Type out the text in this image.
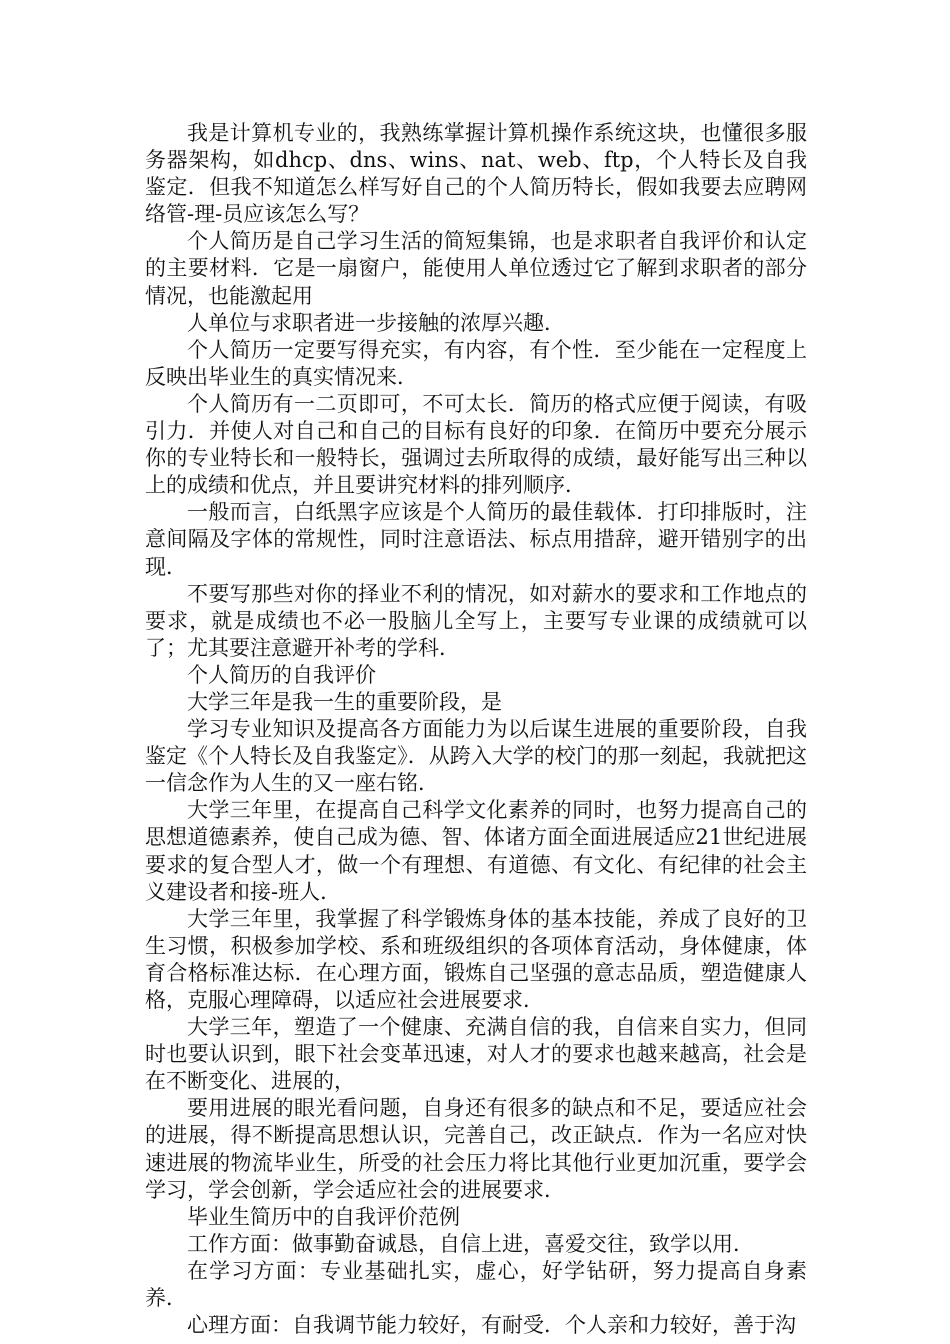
我是计算机专业的，我熟练掌握计算机操作系统这块，也懂很多服务器架构，如dhcp、dns、wins、nat、web、ftp，个人特长及自我鉴定．但我不知道怎么样写好自己的个人简历特长，假如我要去应聘网络管-理-员应该怎么写？

个人简历是自己学习生活的简短集锦，也是求职者自我评价和认定的主要材料．它是一扇窗户，能使用人单位透过它了解到求职者的部分情况，也能激起用

人单位与求职者进一步接触的浓厚兴趣．

个人简历一定要写得充实，有内容，有个性．至少能在一定程度上反映出毕业生的真实情况来．

个人简历有一二页即可，不可太长．简历的格式应便于阅读，有吸引力．并使人对自己和自己的目标有良好的印象．在简历中要充分展示你的专业特长和一般特长，强调过去所取得的成绩，最好能写出三种以上的成绩和优点，并且要讲究材料的排列顺序．

一般而言，白纸黑字应该是个人简历的最佳载体．打印排版时，注意间隔及字体的常规性，同时注意语法、标点用措辞，避开错别字的出现．

不要写那些对你的择业不利的情况，如对薪水的要求和工作地点的要求，就是成绩也不必一股脑儿全写上，主要写专业课的成绩就可以了；尤其要注意避开补考的学科．

个人简历的自我评价

大学三年是我一生的重要阶段，是

学习专业知识及提高各方面能力为以后谋生进展的重要阶段，自我鉴定《个人特长及自我鉴定》．从跨入大学的校门的那一刻起，我就把这一信念作为人生的又一座右铭．

大学三年里，在提高自己科学文化素养的同时，也努力提高自己的思想道德素养，使自己成为德、智、体诸方面全面进展适应21世纪进展要求的复合型人才，做一个有理想、有道德、有文化、有纪律的社会主义建设者和接-班人．

大学三年里，我掌握了科学锻炼身体的基本技能，养成了良好的卫生习惯，积极参加学校、系和班级组织的各项体育活动，身体健康，体育合格标准达标．在心理方面，锻炼自己坚强的意志品质，塑造健康人格，克服心理障碍，以适应社会进展要求．

大学三年，塑造了一个健康、充满自信的我，自信来自实力，但同时也要认识到，眼下社会变革迅速，对人才的要求也越来越高，社会是在不断变化、进展的，

要用进展的眼光看问题，自身还有很多的缺点和不足，要适应社会的进展，得不断提高思想认识，完善自己，改正缺点．作为一名应对快速进展的物流毕业生，所受的社会压力将比其他行业更加沉重，要学会学习，学会创新，学会适应社会的进展要求．

毕业生简历中的自我评价范例

工作方面：做事勤奋诚恳，自信上进，喜爱交往，致学以用．

在学习方面：专业基础扎实，虚心，好学钻研，努力提高自身素养．

心理方面：自我调节能力较好，有耐受．个人亲和力较好，善于沟
